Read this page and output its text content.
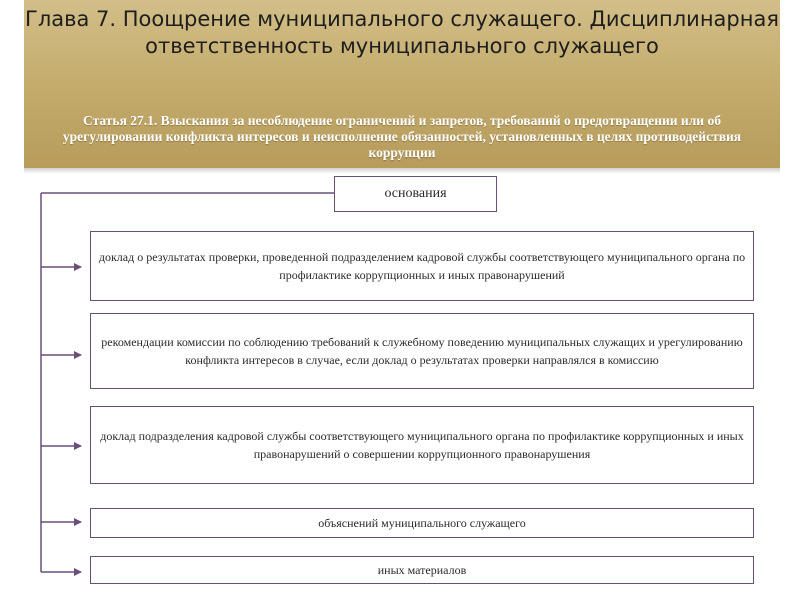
Глава 7. Поощрение муниципального служащего. Дисциплинарная ответственность муниципального служащего
Статья 27.1. Взыскания за несоблюдение ограничений и запретов, требований о предотвращении или об урегулировании конфликта интересов и неисполнение обязанностей, установленных в целях противодействия коррупции
основания
доклад о результатах проверки, проведенной подразделением кадровой службы соответствующего муниципального органа по профилактике коррупционных и иных правонарушений
рекомендации комиссии по соблюдению требований к служебному поведению муниципальных служащих и урегулированию конфликта интересов в случае, если доклад о результатах проверки направлялся в комиссию
доклад подразделения кадровой службы соответствующего муниципального органа по профилактике коррупционных и иных правонарушений о совершении коррупционного правонарушения
объяснений муниципального служащего
иных материалов
